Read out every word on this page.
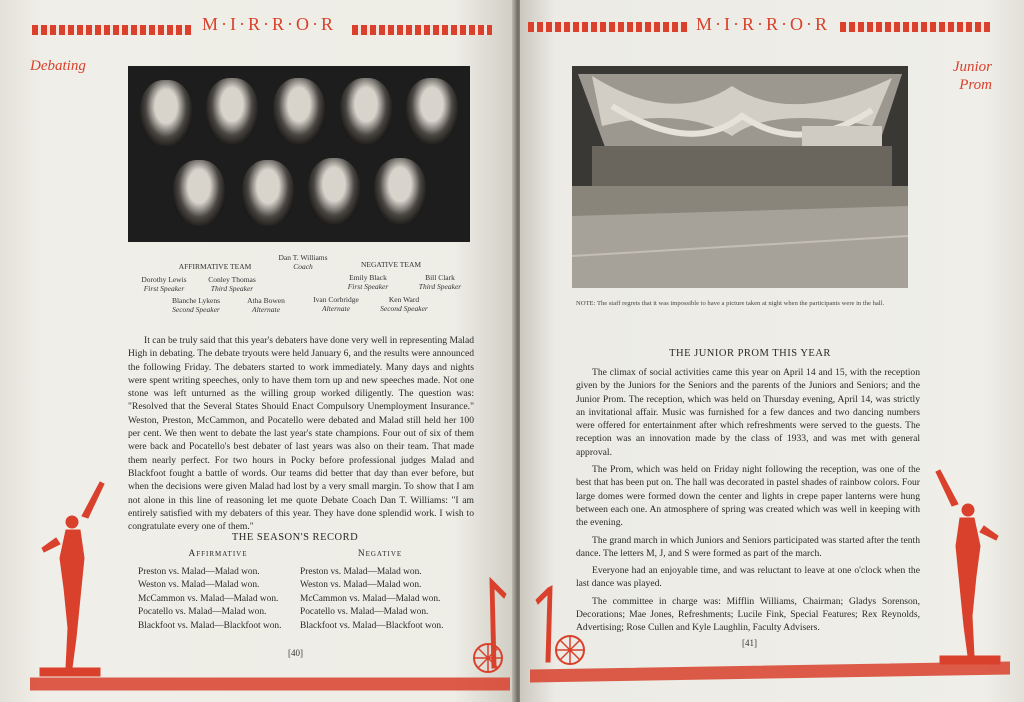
M·I·R·R·O·R
Debating
Dan T. Williams
Coach
AFFIRMATIVE TEAM	NEGATIVE TEAM
Dorothy Lewis
First Speaker
Conley Thomas
Third Speaker
Emily Black
First Speaker
Bill Clark
Third Speaker
Blanche Lykens
Second Speaker
Atha Bowen
Alternate
Ivan Corbridge
Alternate
Ken Ward
Second Speaker
It can be truly said that this year's debaters have done very well in representing Malad High in debating. The debate tryouts were held January 6, and the results were announced the following Friday. The debaters started to work immediately. Many days and nights were spent writing speeches, only to have them torn up and new speeches made. Not one stone was left unturned as the willing group worked diligently. The question was: "Resolved that the Several States Should Enact Compulsory Unemployment Insurance." Weston, Preston, McCammon, and Pocatello were debated and Malad still held her 100 per cent. We then went to debate the last year's state champions. Four out of six of them were back and Pocatello's best debater of last years was also on their team. That made them nearly perfect. For two hours in Pocky before professional judges Malad and Blackfoot fought a battle of words. Our teams did better that day than ever before, but when the decisions were given Malad had lost by a very small margin. To show that I am not alone in this line of reasoning let me quote Debate Coach Dan T. Williams: "I am entirely satisfied with my debaters of this year. They have done splendid work. I wish to congratulate every one of them."
THE SEASON'S RECORD
Affirmative
Preston vs. Malad—Malad won.
Weston vs. Malad—Malad won.
McCammon vs. Malad—Malad won.
Pocatello vs. Malad—Malad won.
Blackfoot vs. Malad—Blackfoot won.
Negative
Preston vs. Malad—Malad won.
Weston vs. Malad—Malad won.
McCammon vs. Malad—Malad won.
Pocatello vs. Malad—Malad won.
Blackfoot vs. Malad—Blackfoot won.
[40]
M·I·R·R·O·R
Junior
Prom
NOTE: The staff regrets that it was impossible to have a picture taken at night when the participants were in the hall.
THE JUNIOR PROM THIS YEAR

The climax of social activities came this year on April 14 and 15, with the reception given by the Juniors for the Seniors and the parents of the Juniors and Seniors; and the Junior Prom. The reception, which was held on Thursday evening, April 14, was strictly an invitational affair. Music was furnished for a few dances and two dancing numbers were offered for entertainment after which refreshments were served to the guests. The reception was an innovation made by the class of 1933, and was met with general approval.

The Prom, which was held on Friday night following the reception, was one of the best that has been put on. The hall was decorated in pastel shades of rainbow colors. Four large domes were formed down the center and lights in crepe paper lanterns were hung between each one. An atmosphere of spring was created which was well in keeping with the evening.

The grand march in which Juniors and Seniors participated was started after the tenth dance. The letters M, J, and S were formed as part of the march.

Everyone had an enjoyable time, and was reluctant to leave at one o'clock when the last dance was played.

The committee in charge was: Mifflin Williams, Chairman; Gladys Sorenson, Decorations; Mae Jones, Refreshments; Lucile Fink, Special Features; Rex Reynolds, Advertising; Rose Cullen and Kyle Laughlin, Faculty Advisers.

[41]
